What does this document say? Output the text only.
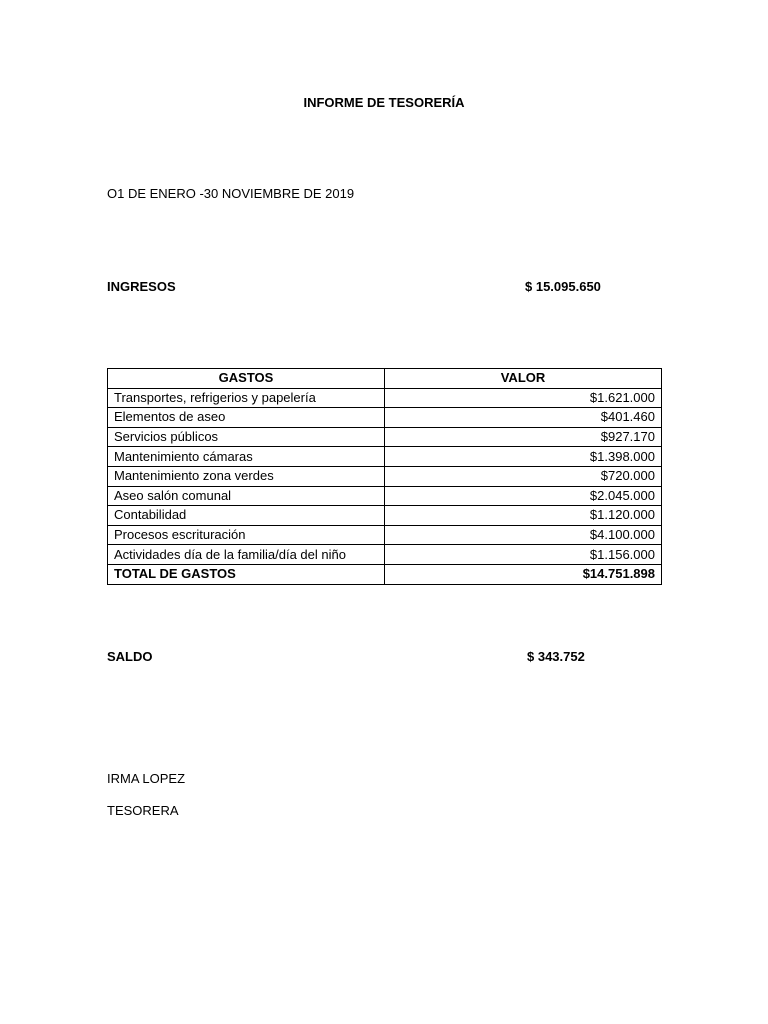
INFORME DE TESORERÍA
O1 DE ENERO -30 NOVIEMBRE DE 2019
INGRESOS	$ 15.095.650
GASTOS	VALOR
Transportes, refrigerios y papelería	$1.621.000
Elementos de aseo	$401.460
Servicios públicos	$927.170
Mantenimiento cámaras	$1.398.000
Mantenimiento zona verdes	$720.000
Aseo salón comunal	$2.045.000
Contabilidad	$1.120.000
Procesos escrituración	$4.100.000
Actividades día de la familia/día del niño	$1.156.000
TOTAL DE GASTOS	$14.751.898
SALDO	$ 343.752
IRMA LOPEZ
TESORERA
